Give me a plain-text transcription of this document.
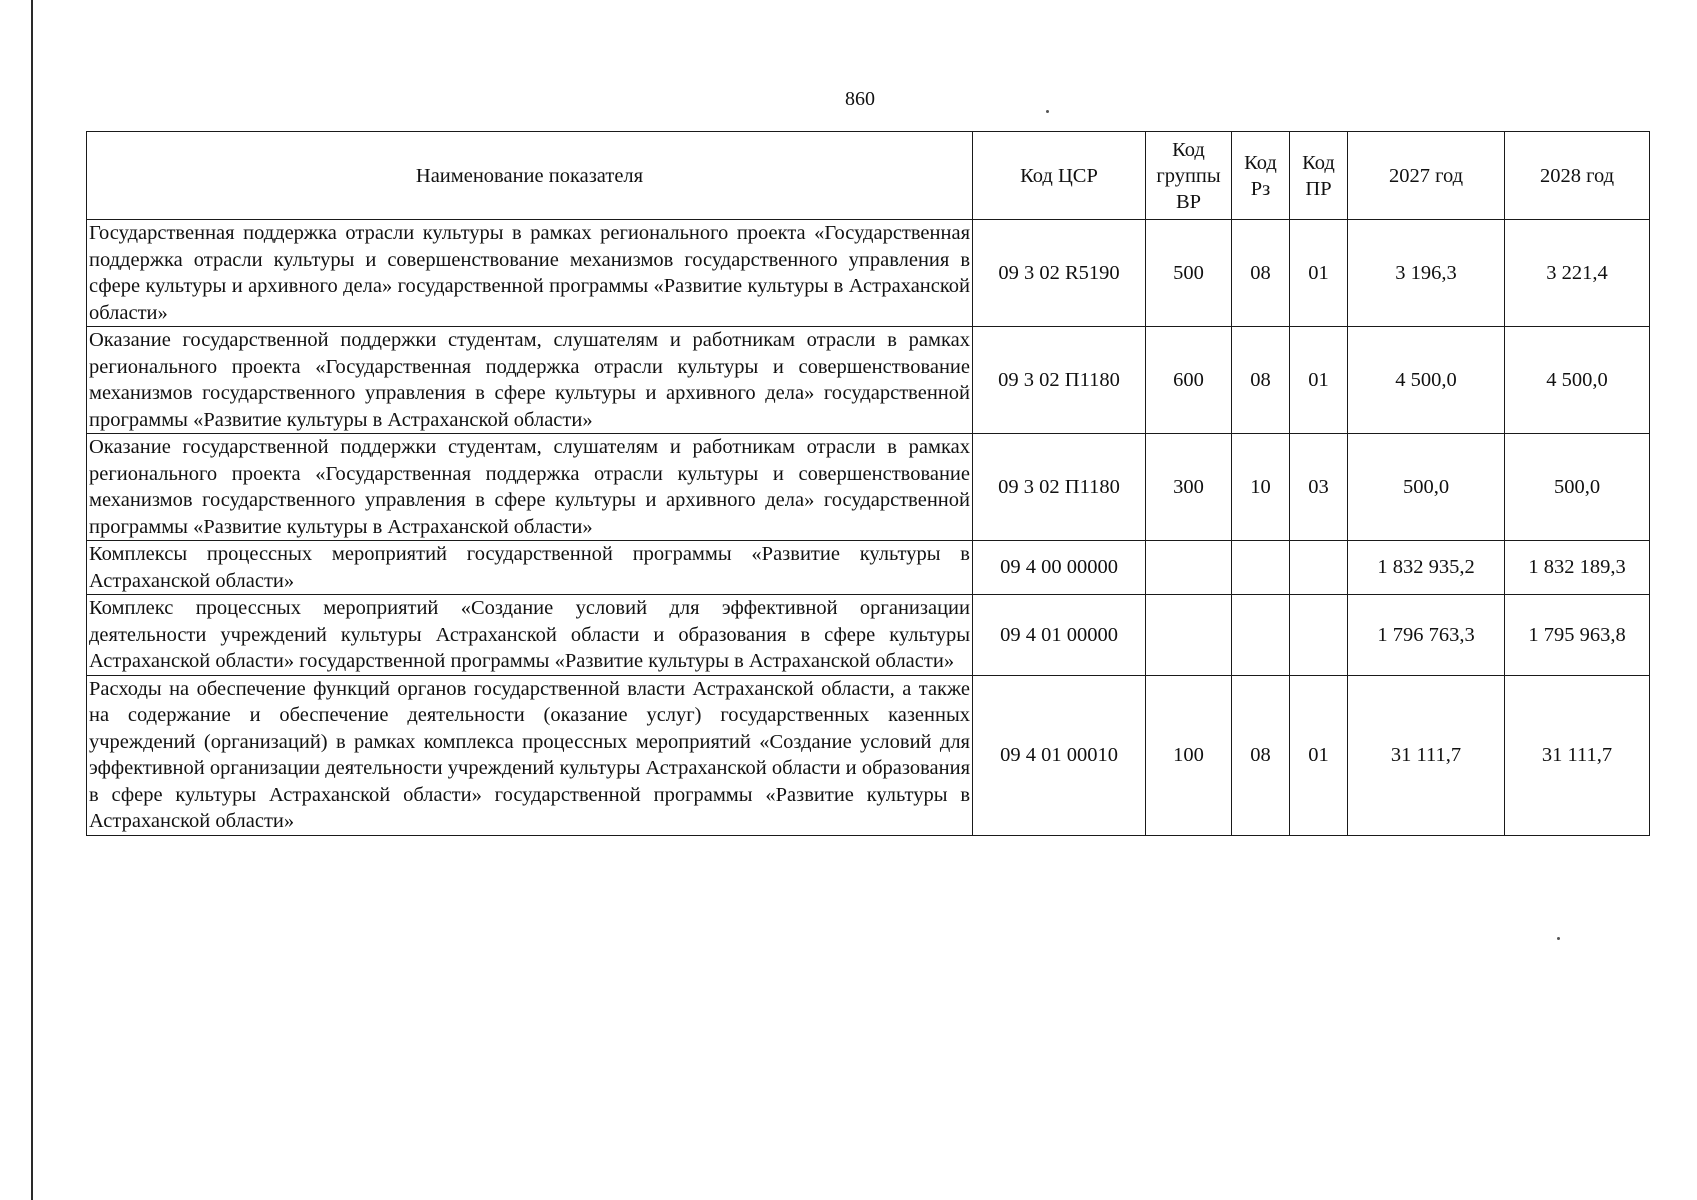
860
Наименование показателя	Код ЦСР	Код группы ВР	Код Рз	Код ПР	2027 год	2028 год
Государственная поддержка отрасли культуры в рамках регионального проекта «Государственная поддержка отрасли культуры и совершенствование механизмов государственного управления в сфере культуры и архивного дела» государственной программы «Развитие культуры в Астраханской области»	09 3 02 R5190	500	08	01	3 196,3	3 221,4
Оказание государственной поддержки студентам, слушателям и работникам отрасли в рамках регионального проекта «Государственная поддержка отрасли культуры и совершенствование механизмов государственного управления в сфере культуры и архивного дела» государственной программы «Развитие культуры в Астраханской области»	09 3 02 П1180	600	08	01	4 500,0	4 500,0
Оказание государственной поддержки студентам, слушателям и работникам отрасли в рамках регионального проекта «Государственная поддержка отрасли культуры и совершенствование механизмов государственного управления в сфере культуры и архивного дела» государственной программы «Развитие культуры в Астраханской области»	09 3 02 П1180	300	10	03	500,0	500,0
Комплексы процессных мероприятий государственной программы «Развитие культуры в Астраханской области»	09 4 00 00000				1 832 935,2	1 832 189,3
Комплекс процессных мероприятий «Создание условий для эффективной организации деятельности учреждений культуры Астраханской области и образования в сфере культуры Астраханской области» государственной программы «Развитие культуры в Астраханской области»	09 4 01 00000				1 796 763,3	1 795 963,8
Расходы на обеспечение функций органов государственной власти Астраханской области, а также на содержание и обеспечение деятельности (оказание услуг) государственных казенных учреждений (организаций) в рамках комплекса процессных мероприятий «Создание условий для эффективной организации деятельности учреждений культуры Астраханской области и образования в сфере культуры Астраханской области» государственной программы «Развитие культуры в Астраханской области»	09 4 01 00010	100	08	01	31 111,7	31 111,7
